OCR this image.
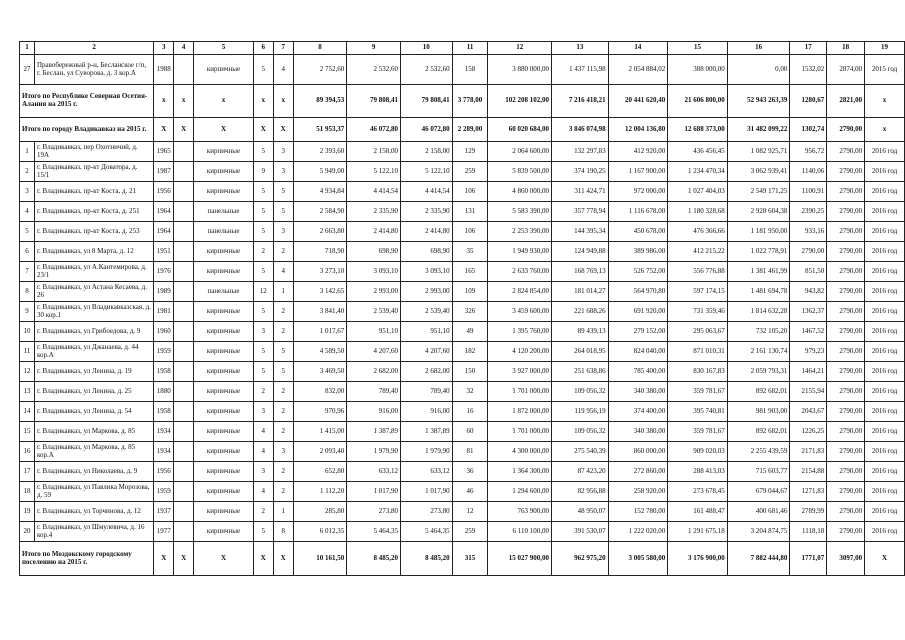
1	2	3	4	5	6	7	8	9	10	11	12	13	14	15	16	17	18	19
27	Правобережный р-н, Бесланское г/п, г. Беслан, ул Суворова, д. 3 кор.А	1988		кирпичные	5	4	2 752,60	2 532,60	2 532,60	158	3 880 000,00	1 437 115,98	2 054 884,02	388 000,00	0,00	1532,02	2874,00	2015 год
Итого по Республике Северная Осетия-Алания на 2015 г.		x	x	x	x	x	89 394,53	79 808,41	79 808,41	3 778,00	102 208 102,00	7 216 418,21	20 441 620,40	21 606 800,00	52 943 263,39	1280,67	2821,00	x
Итого по городу Владикавказ на 2015 г.		X	X	X	X	X	51 953,37	46 072,80	46 072,80	2 289,00	60 020 684,00	3 846 074,98	12 004 136,80	12 688 373,00	31 482 099,22	1302,74	2790,00	x
1	г. Владикавказ, пер Охотничий, д. 19А	1965		кирпичные	5	3	2 393,60	2 158,00	2 158,00	129	2 064 600,00	132 297,83	412 920,00	436 456,45	1 082 925,71	956,72	2790,00	2016 год
2	г. Владикавказ, пр-кт Доватора, д. 15/1	1987		кирпичные	9	3	5 949,00	5 122,10	5 122,10	259	5 839 500,00	374 190,25	1 167 900,00	1 234 470,34	3 062 939,41	1140,06	2790,00	2016 год
3	г. Владикавказ, пр-кт Коста, д. 21	1956		кирпичные	5	5	4 934,84	4 414,54	4 414,54	106	4 860 000,00	311 424,71	972 000,00	1 027 404,03	2 549 171,25	1100,91	2790,00	2016 год
4	г. Владикавказ, пр-кт Коста, д. 251	1964		панельные	5	5	2 584,90	2 335,90	2 335,90	131	5 583 390,00	357 778,94	1 116 678,00	1 180 328,68	2 928 604,38	2390,25	2790,00	2016 год
5	г. Владикавказ, пр-кт Коста, д. 253	1964		панельные	5	3	2 663,80	2 414,80	2 414,80	106	2 253 390,00	144 395,34	450 678,00	476 366,66	1 181 950,00	933,16	2790,00	2016 год
6	г. Владикавказ, ул 8 Марта, д. 12	1951		кирпичные	2	2	718,90	698,90	698,90	35	1 949 930,00	124 949,88	389 986,00	412 215,22	1 022 778,91	2790,00	2790,00	2016 год
7	г. Владикавказ, ул А.Кантемирова, д. 23/1	1976		кирпичные	5	4	3 273,10	3 093,10	3 093,10	165	2 633 760,00	168 769,13	526 752,00	556 776,88	1 381 461,99	851,50	2790,00	2016 год
8	г. Владикавказ, ул Астана Кесаева, д. 26	1989		панельные	12	1	3 142,65	2 993,00	2 993,00	109	2 824 854,00	181 014,27	564 970,80	597 174,15	1 481 694,78	943,82	2790,00	2016 год
9	г. Владикавказ, ул Владикавказская, д. 30 кор.1	1981		кирпичные	5	2	3 841,40	2 539,40	2 539,40	326	3 459 600,00	221 688,26	691 920,00	731 359,46	1 814 632,28	1362,37	2790,00	2016 год
10	г. Владикавказ, ул Грибоедова, д. 9	1960		кирпичные	3	2	1 017,67	951,10	951,10	49	1 395 760,00	89 439,13	279 152,00	295 063,67	732 105,20	1467,52	2790,00	2016 год
11	г. Владикавказ, ул Джанаева, д. 44 кор.А	1959		кирпичные	5	5	4 589,50	4 207,60	4 207,60	182	4 120 200,00	264 018,95	824 040,00	871 010,31	2 161 130,74	979,23	2790,00	2016 год
12	г. Владикавказ, ул Ленина, д. 19	1958		кирпичные	5	5	3 469,50	2 682,00	2 682,00	150	3 927 000,00	251 638,86	785 400,00	830 167,83	2 059 793,31	1464,21	2790,00	2016 год
13	г. Владикавказ, ул Ленина, д. 25	1880		кирпичные	2	2	832,00	789,40	789,40	32	1 701 000,00	109 056,32	340 380,00	359 781,67	892 682,01	2155,94	2790,00	2016 год
14	г. Владикавказ, ул Ленина, д. 54	1958		кирпичные	3	2	970,96	916,00	916,00	16	1 872 000,00	119 956,19	374 400,00	395 740,81	981 903,00	2043,67	2790,00	2016 год
15	г. Владикавказ, ул Маркова, д. 85	1934		кирпичные	4	2	1 415,00	1 387,89	1 387,89	60	1 701 000,00	109 056,32	340 380,00	359 781,67	892 682,01	1226,25	2790,00	2016 год
16	г. Владикавказ, ул Маркова, д. 85 кор.А	1934		кирпичные	4	3	2 093,40	1 979,90	1 979,90	81	4 300 000,00	275 540,39	860 000,00	909 020,03	2 255 439,59	2171,83	2790,00	2016 год
17	г. Владикавказ, ул Николаева, д. 9	1956		кирпичные	3	2	652,80	633,12	633,12	36	1 364 300,00	87 423,20	272 860,00	288 413,03	715 603,77	2154,88	2790,00	2016 год
18	г. Владикавказ, ул Павлика Морозова, д. 59	1959		кирпичные	4	2	1 112,20	1 017,90	1 017,90	46	1 294 600,00	82 956,88	258 920,00	273 678,45	679 044,67	1271,83	2790,00	2016 год
19	г. Владикавказ, ул Торчинова, д. 12	1937		кирпичные	2	1	285,80	273,80	273,80	12	763 900,00	48 950,07	152 780,00	161 488,47	400 681,46	2789,99	2790,00	2016 год
20	г. Владикавказ, ул Шмулевича, д. 16 кор.4	1977		кирпичные	5	8	6 012,35	5 464,35	5 464,35	259	6 110 100,00	391 530,07	1 222 020,00	1 291 675,18	3 204 874,75	1118,18	2790,00	2016 год
Итого по Моздокскому городскому поселению на 2015 г.		X	X	X	X	X	10 161,50	8 485,20	8 485,20	315	15 027 900,00	962 975,20	3 005 580,00	3 176 900,00	7 882 444,80	1771,07	3097,00	X
